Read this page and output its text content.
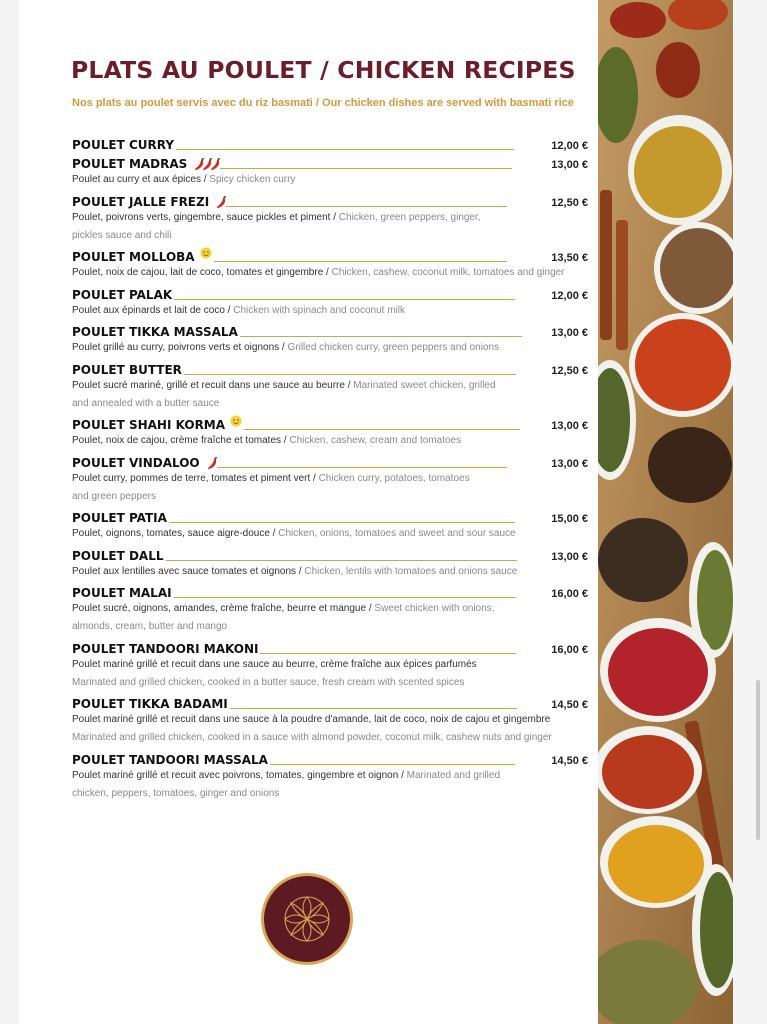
PLATS AU POULET / CHICKEN RECIPES
Nos plats au poulet servis avec du riz basmati / Our chicken dishes are served with basmati rice
POULET CURRY	12,00 €
POULET MADRAS	13,00 €
Poulet au curry et aux épices / Spicy chicken curry
POULET JALLE FREZI	12,50 €
Poulet, poivrons verts, gingembre, sauce pickles et piment / Chicken, green peppers, ginger,
pickles sauce and chili
POULET MOLLOBA	13,50 €
Poulet, noix de cajou, lait de coco, tomates et gingembre / Chicken, cashew, coconut milk, tomatoes and ginger
POULET PALAK	12,00 €
Poulet aux épinards et lait de coco / Chicken with spinach and coconut milk
POULET TIKKA MASSALA	13,00 €
Poulet grillé au curry, poivrons verts et oignons / Grilled chicken curry, green peppers and onions
POULET BUTTER	12,50 €
Poulet sucré mariné, grillé et recuit dans une sauce au beurre / Marinated sweet chicken, grilled
and annealed with a butter sauce
POULET SHAHI KORMA	13,00 €
Poulet, noix de cajou, crème fraîche et tomates / Chicken, cashew, cream and tomatoes
POULET VINDALOO	13,00 €
Poulet curry, pommes de terre, tomates et piment vert / Chicken curry, potatoes, tomatoes
and green peppers
POULET PATIA	15,00 €
Poulet, oignons, tomates, sauce aigre-douce / Chicken, onions, tomatoes and sweet and sour sauce
POULET DALL	13,00 €
Poulet aux lentilles avec sauce tomates et oignons / Chicken, lentils with tomatoes and onions sauce
POULET MALAI	16,00 €
Poulet sucré, oignons, amandes, crème fraîche, beurre et mangue / Sweet chicken with onions,
almonds, cream, butter and mango
POULET TANDOORI MAKONI	16,00 €
Poulet mariné grillé et recuit dans une sauce au beurre, crème fraîche aux épices parfumés
Marinated and grilled chicken, cooked in a butter sauce, fresh cream with scented spices
POULET TIKKA BADAMI	14,50 €
Poulet mariné grillé et recuit dans une sauce à la poudre d'amande, lait de coco, noix de cajou et gingembre
Marinated and grilled chicken, cooked in a sauce with almond powder, coconut milk, cashew nuts and ginger
POULET TANDOORI MASSALA	14,50 €
Poulet mariné grillé et recuit avec poivrons, tomates, gingembre et oignon / Marinated and grilled
chicken, peppers, tomatoes, ginger and onions
